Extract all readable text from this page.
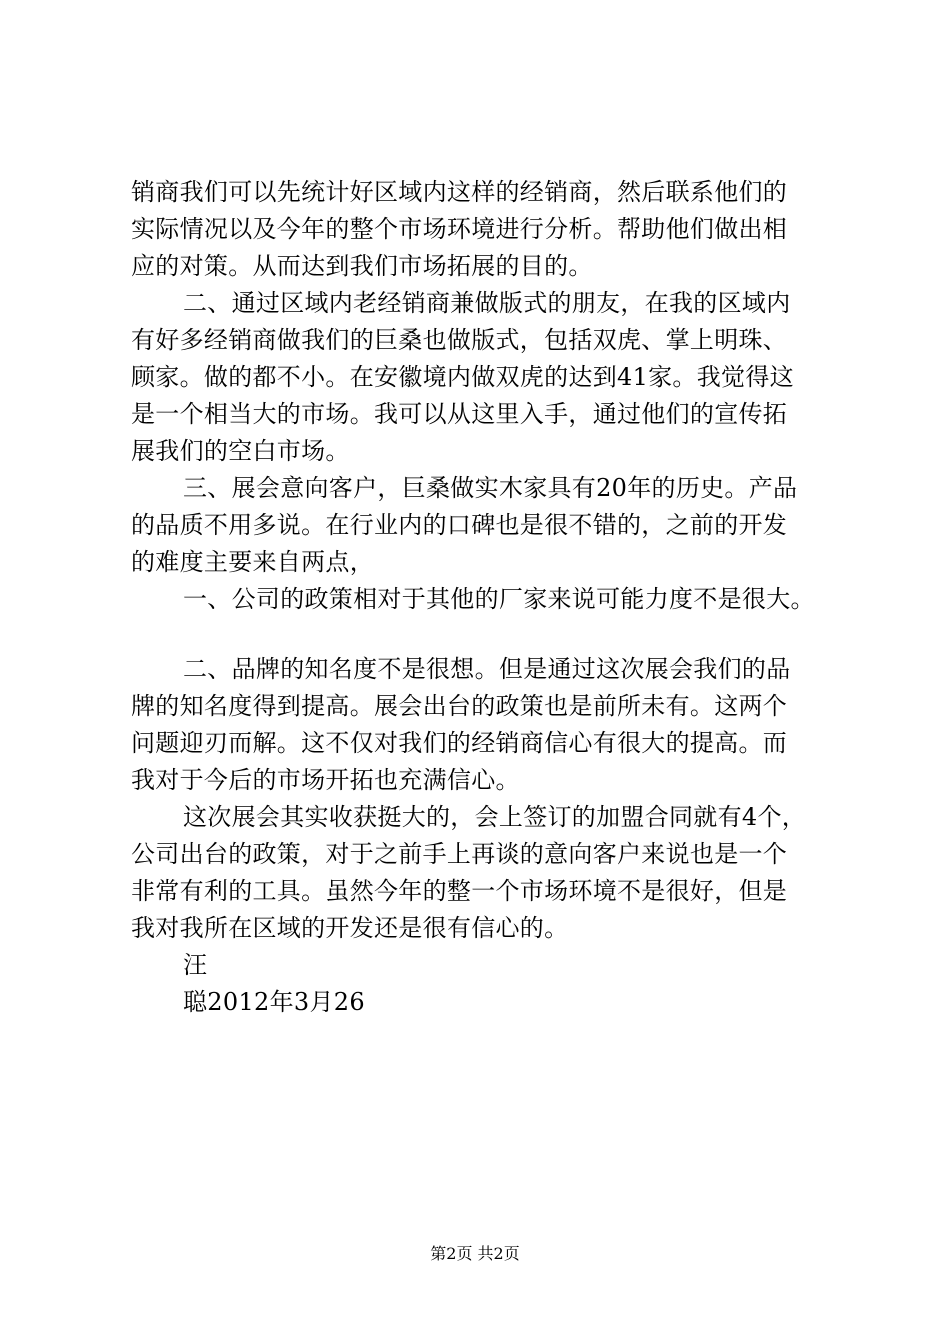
销商我们可以先统计好区域内这样的经销商，然后联系他们的
实际情况以及今年的整个市场环境进行分析。帮助他们做出相
应的对策。从而达到我们市场拓展的目的。
二、通过区域内老经销商兼做版式的朋友，在我的区域内
有好多经销商做我们的巨桑也做版式，包括双虎、掌上明珠、
顾家。做的都不小。在安徽境内做双虎的达到41家。我觉得这
是一个相当大的市场。我可以从这里入手，通过他们的宣传拓
展我们的空白市场。
三、展会意向客户，巨桑做实木家具有20年的历史。产品
的品质不用多说。在行业内的口碑也是很不错的，之前的开发
的难度主要来自两点，
一、公司的政策相对于其他的厂家来说可能力度不是很大。
二、品牌的知名度不是很想。但是通过这次展会我们的品
牌的知名度得到提高。展会出台的政策也是前所未有。这两个
问题迎刃而解。这不仅对我们的经销商信心有很大的提高。而
我对于今后的市场开拓也充满信心。
这次展会其实收获挺大的，会上签订的加盟合同就有4个，
公司出台的政策，对于之前手上再谈的意向客户来说也是一个
非常有利的工具。虽然今年的整一个市场环境不是很好，但是
我对我所在区域的开发还是很有信心的。
汪
聪2012年3月26
第2页 共2页
